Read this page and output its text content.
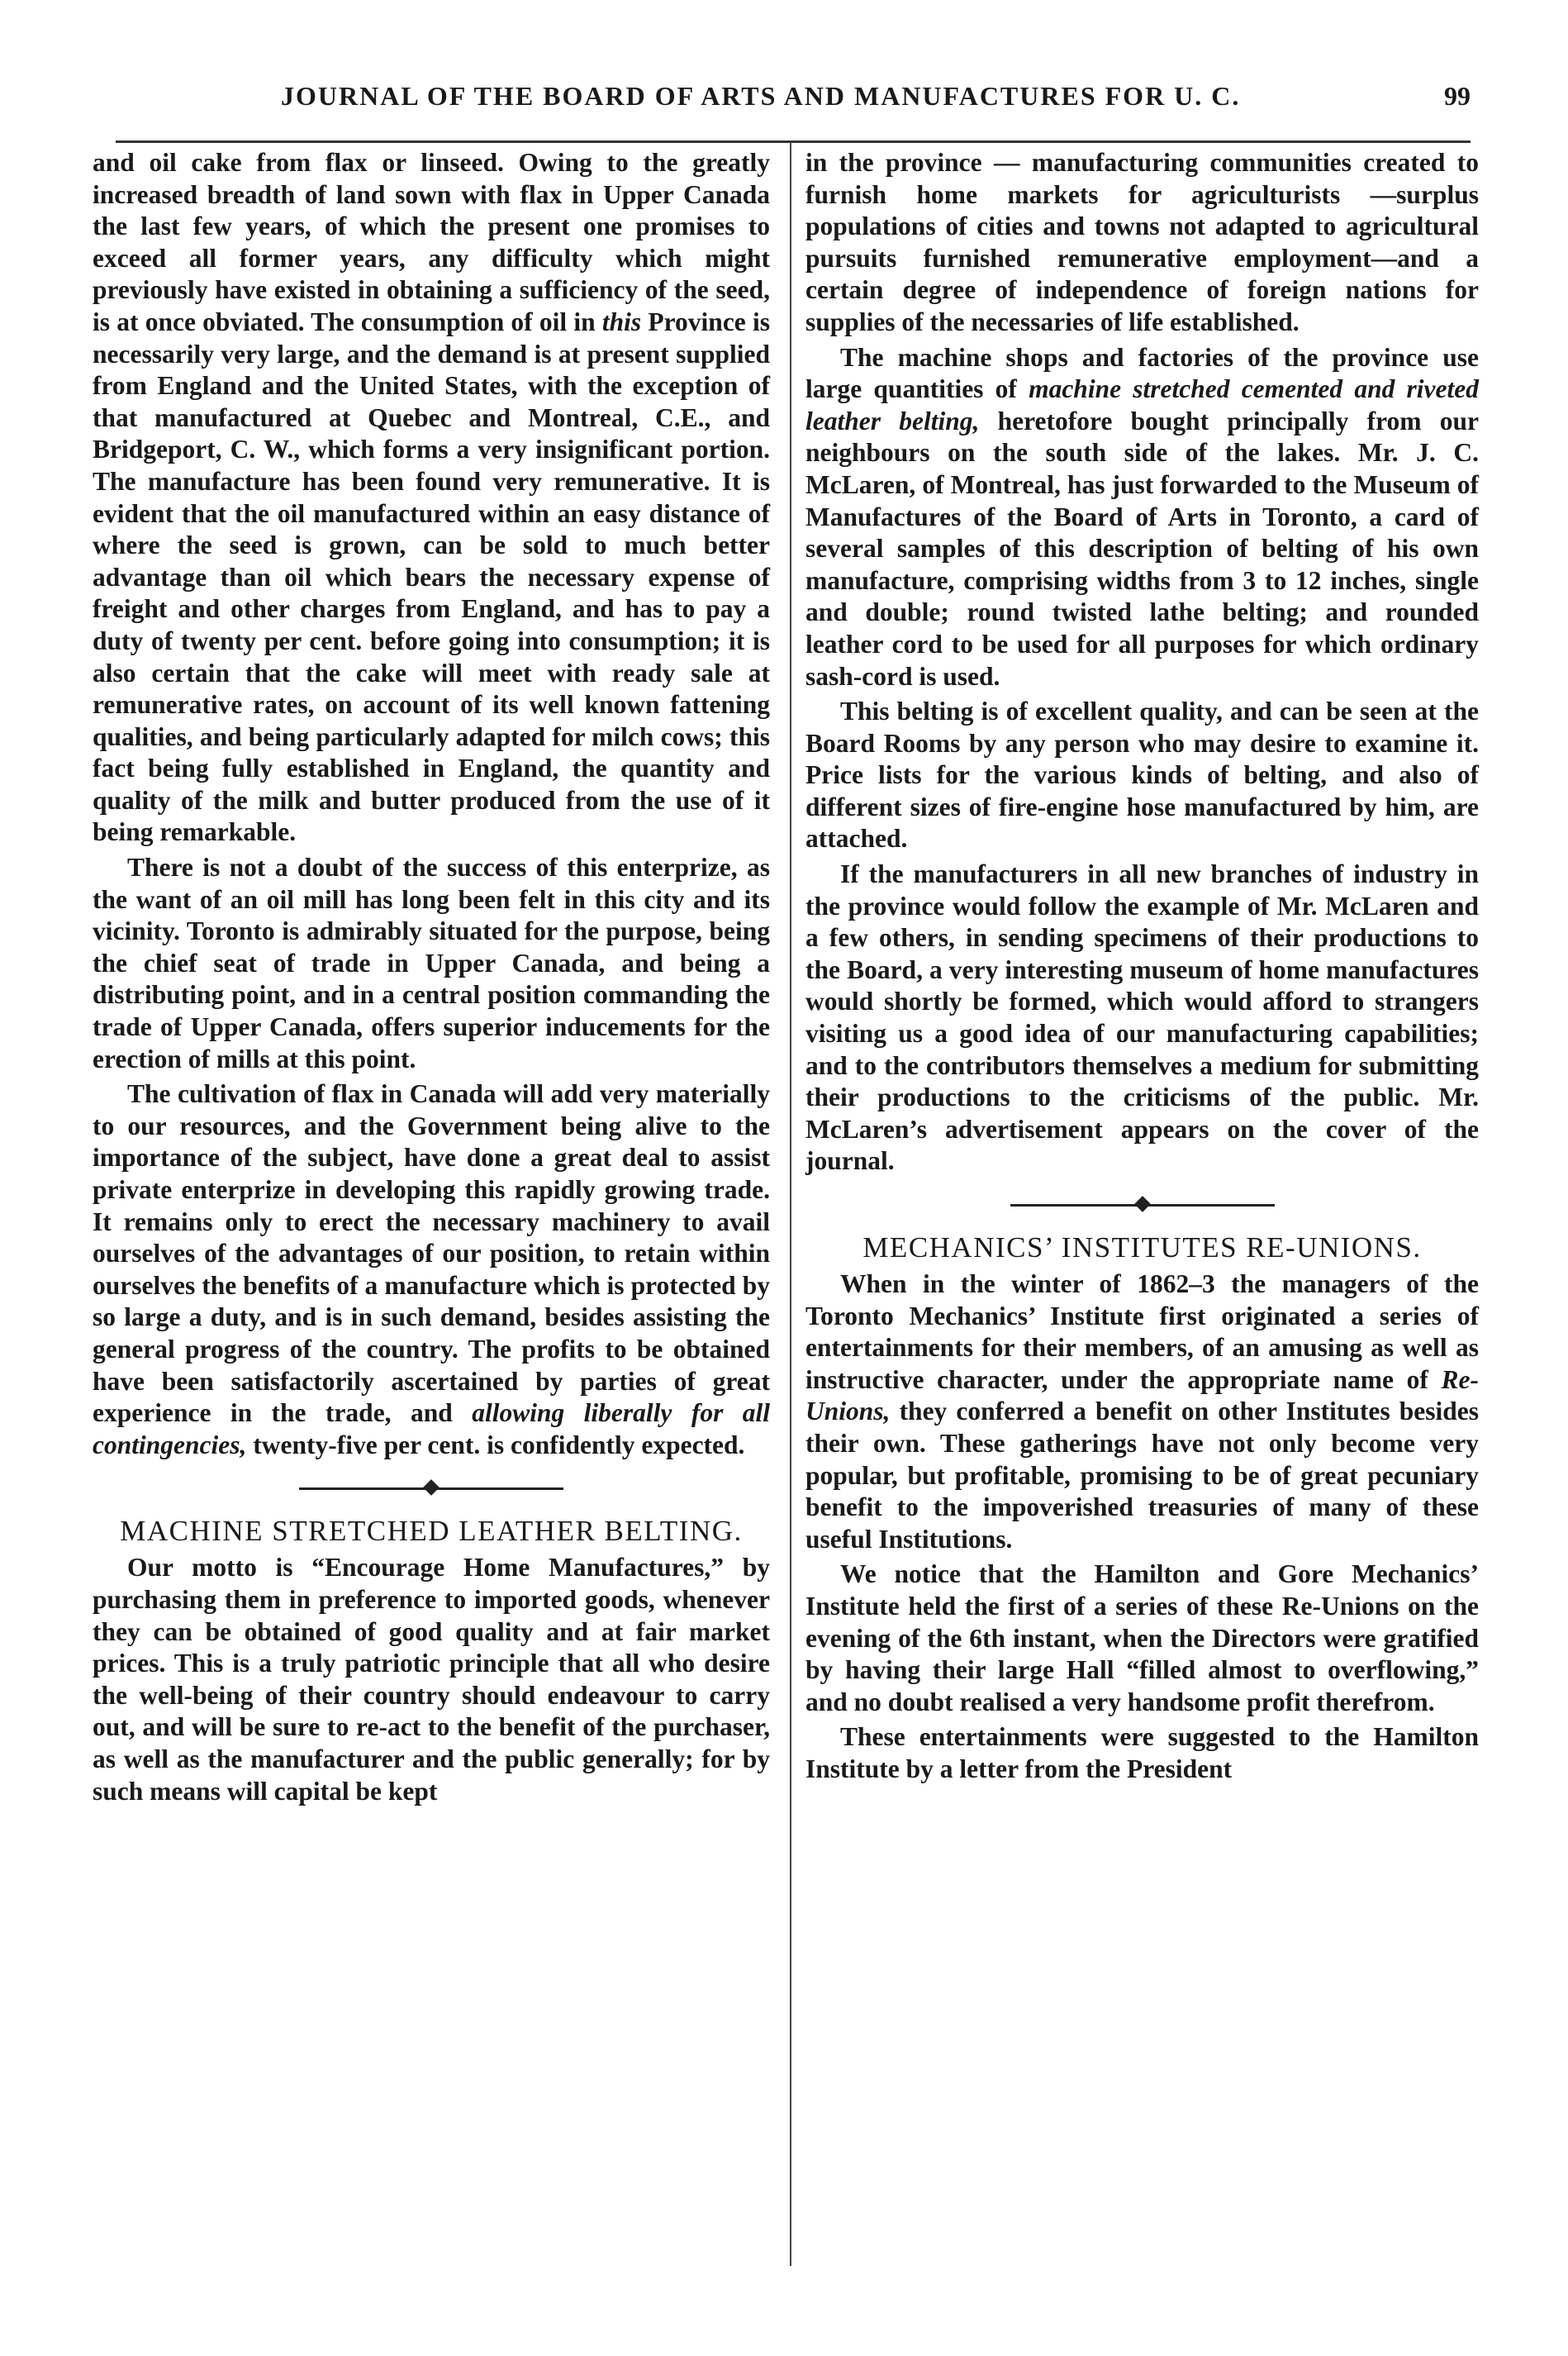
JOURNAL OF THE BOARD OF ARTS AND MANUFACTURES FOR U. C.	99

and oil cake from flax or linseed. Owing to the greatly increased breadth of land sown with flax in Upper Canada the last few years, of which the present one promises to exceed all former years, any difficulty which might previously have existed in obtaining a sufficiency of the seed, is at once obviated. The consumption of oil in this Province is necessarily very large, and the demand is at present supplied from England and the United States, with the exception of that manufactured at Quebec and Montreal, C.E., and Bridgeport, C. W., which forms a very insignificant portion. The manufacture has been found very remunerative. It is evident that the oil manufactured within an easy distance of where the seed is grown, can be sold to much better advantage than oil which bears the necessary expense of freight and other charges from England, and has to pay a duty of twenty per cent. before going into consumption; it is also certain that the cake will meet with ready sale at remunerative rates, on account of its well known fattening qualities, and being particularly adapted for milch cows; this fact being fully established in England, the quantity and quality of the milk and butter produced from the use of it being remarkable.

There is not a doubt of the success of this enterprize, as the want of an oil mill has long been felt in this city and its vicinity. Toronto is admirably situated for the purpose, being the chief seat of trade in Upper Canada, and being a distributing point, and in a central position commanding the trade of Upper Canada, offers superior inducements for the erection of mills at this point.

The cultivation of flax in Canada will add very materially to our resources, and the Government being alive to the importance of the subject, have done a great deal to assist private enterprize in developing this rapidly growing trade. It remains only to erect the necessary machinery to avail ourselves of the advantages of our position, to retain within ourselves the benefits of a manufacture which is protected by so large a duty, and is in such demand, besides assisting the general progress of the country. The profits to be obtained have been satisfactorily ascertained by parties of great experience in the trade, and allowing liberally for all contingencies, twenty-five per cent. is confidently expected.

MACHINE STRETCHED LEATHER BELTING.

Our motto is “Encourage Home Manufactures,” by purchasing them in preference to imported goods, whenever they can be obtained of good quality and at fair market prices. This is a truly patriotic principle that all who desire the well-being of their country should endeavour to carry out, and will be sure to re-act to the benefit of the purchaser, as well as the manufacturer and the public generally; for by such means will capital be kept

in the province — manufacturing communities created to furnish home markets for agriculturists —surplus populations of cities and towns not adapted to agricultural pursuits furnished remunerative employment—and a certain degree of independence of foreign nations for supplies of the necessaries of life established.

The machine shops and factories of the province use large quantities of machine stretched cemented and riveted leather belting, heretofore bought principally from our neighbours on the south side of the lakes. Mr. J. C. McLaren, of Montreal, has just forwarded to the Museum of Manufactures of the Board of Arts in Toronto, a card of several samples of this description of belting of his own manufacture, comprising widths from 3 to 12 inches, single and double; round twisted lathe belting; and rounded leather cord to be used for all purposes for which ordinary sash-cord is used.

This belting is of excellent quality, and can be seen at the Board Rooms by any person who may desire to examine it. Price lists for the various kinds of belting, and also of different sizes of fire-engine hose manufactured by him, are attached.

If the manufacturers in all new branches of industry in the province would follow the example of Mr. McLaren and a few others, in sending specimens of their productions to the Board, a very interesting museum of home manufactures would shortly be formed, which would afford to strangers visiting us a good idea of our manufacturing capabilities; and to the contributors themselves a medium for submitting their productions to the criticisms of the public. Mr. McLaren’s advertisement appears on the cover of the journal.

MECHANICS’ INSTITUTES RE-UNIONS.

When in the winter of 1862–3 the managers of the Toronto Mechanics’ Institute first originated a series of entertainments for their members, of an amusing as well as instructive character, under the appropriate name of Re-Unions, they conferred a benefit on other Institutes besides their own. These gatherings have not only become very popular, but profitable, promising to be of great pecuniary benefit to the impoverished treasuries of many of these useful Institutions.

We notice that the Hamilton and Gore Mechanics’ Institute held the first of a series of these Re-Unions on the evening of the 6th instant, when the Directors were gratified by having their large Hall “filled almost to overflowing,” and no doubt realised a very handsome profit therefrom.

These entertainments were suggested to the Hamilton Institute by a letter from the President
